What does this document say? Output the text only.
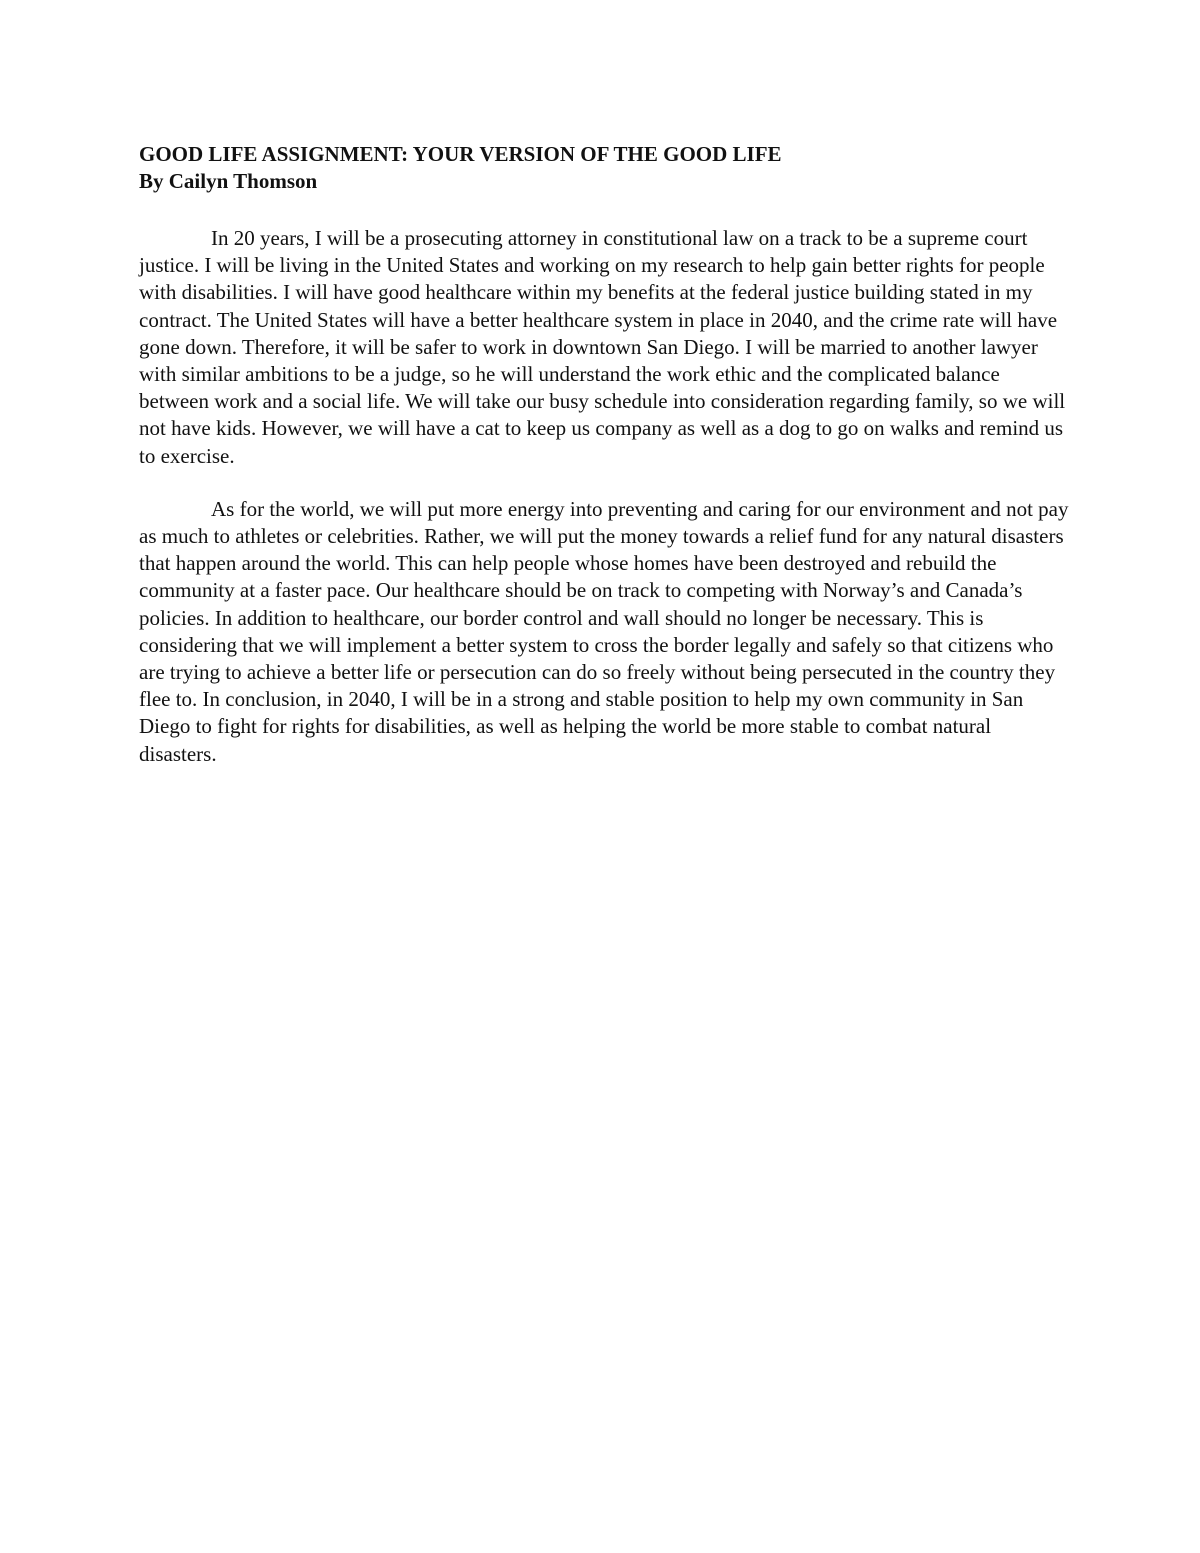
GOOD LIFE ASSIGNMENT: YOUR VERSION OF THE GOOD LIFE

By Cailyn Thomson

In 20 years, I will be a prosecuting attorney in constitutional law on a track to be a supreme court justice. I will be living in the United States and working on my research to help gain better rights for people with disabilities. I will have good healthcare within my benefits at the federal justice building stated in my contract. The United States will have a better healthcare system in place in 2040, and the crime rate will have gone down. Therefore, it will be safer to work in downtown San Diego. I will be married to another lawyer with similar ambitions to be a judge, so he will understand the work ethic and the complicated balance between work and a social life. We will take our busy schedule into consideration regarding family, so we will not have kids. However, we will have a cat to keep us company as well as a dog to go on walks and remind us to exercise.

As for the world, we will put more energy into preventing and caring for our environment and not pay as much to athletes or celebrities. Rather, we will put the money towards a relief fund for any natural disasters that happen around the world. This can help people whose homes have been destroyed and rebuild the community at a faster pace. Our healthcare should be on track to competing with Norway’s and Canada’s policies. In addition to healthcare, our border control and wall should no longer be necessary. This is considering that we will implement a better system to cross the border legally and safely so that citizens who are trying to achieve a better life or persecution can do so freely without being persecuted in the country they flee to. In conclusion, in 2040, I will be in a strong and stable position to help my own community in San Diego to fight for rights for disabilities, as well as helping the world be more stable to combat natural disasters.
